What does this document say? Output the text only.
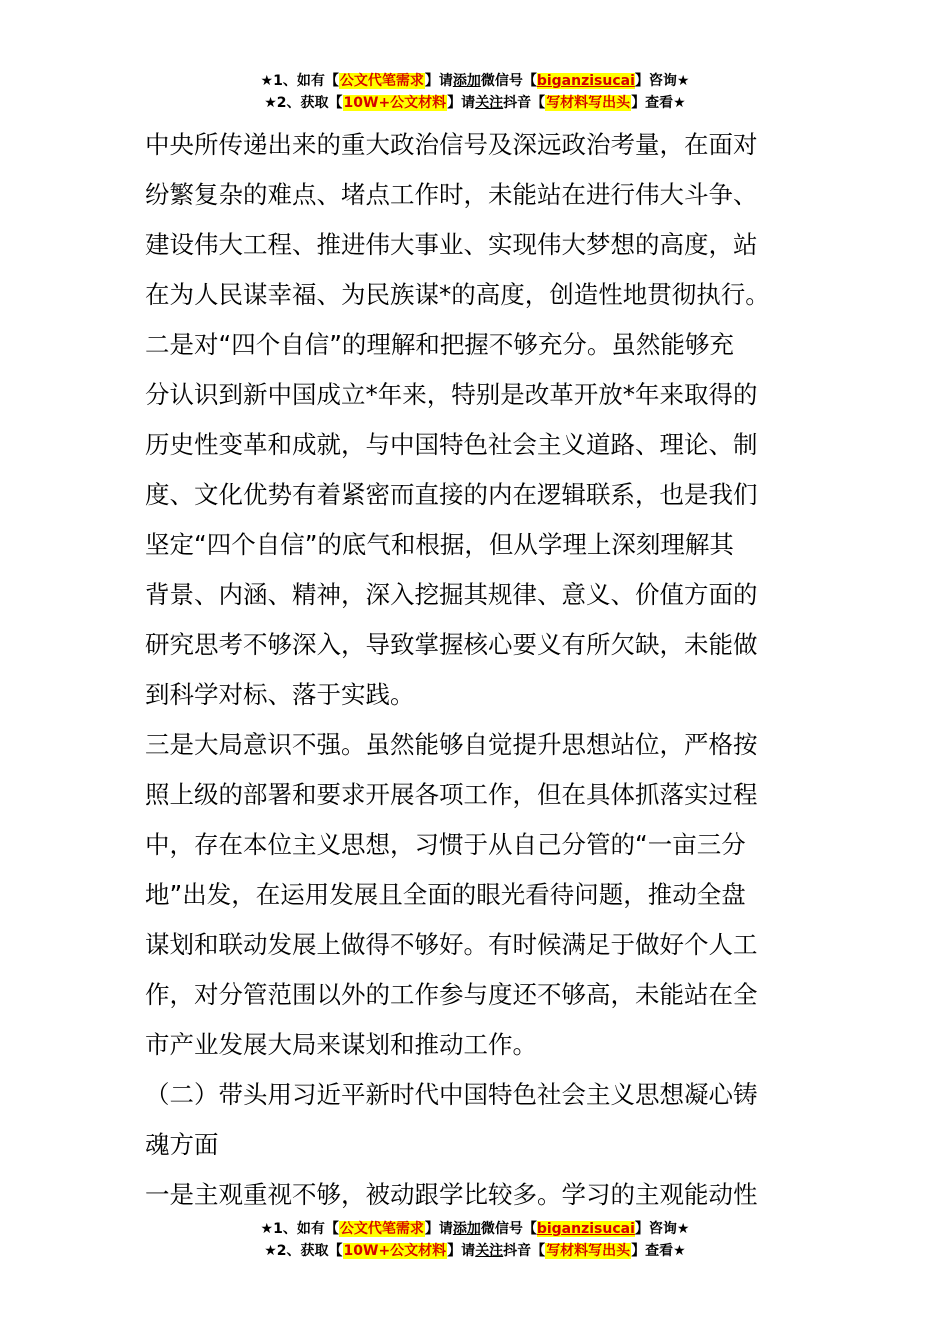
★1、如有【公文代笔需求】请添加微信号【biganzisucai】咨询★
★2、获取【10W+公文材料】请关注抖音【写材料写出头】查看★
中央所传递出来的重大政治信号及深远政治考量，在面对
纷繁复杂的难点、堵点工作时，未能站在进行伟大斗争、
建设伟大工程、推进伟大事业、实现伟大梦想的高度，站
在为人民谋幸福、为民族谋*的高度，创造性地贯彻执行。
二是对“四个自信”的理解和把握不够充分。虽然能够充
分认识到新中国成立*年来，特别是改革开放*年来取得的
历史性变革和成就，与中国特色社会主义道路、理论、制
度、文化优势有着紧密而直接的内在逻辑联系，也是我们
坚定“四个自信”的底气和根据，但从学理上深刻理解其
背景、内涵、精神，深入挖掘其规律、意义、价值方面的
研究思考不够深入，导致掌握核心要义有所欠缺，未能做
到科学对标、落于实践。
三是大局意识不强。虽然能够自觉提升思想站位，严格按
照上级的部署和要求开展各项工作，但在具体抓落实过程
中，存在本位主义思想，习惯于从自己分管的“一亩三分
地”出发，在运用发展且全面的眼光看待问题，推动全盘
谋划和联动发展上做得不够好。有时候满足于做好个人工
作，对分管范围以外的工作参与度还不够高，未能站在全
市产业发展大局来谋划和推动工作。
（二）带头用习近平新时代中国特色社会主义思想凝心铸
魂方面
一是主观重视不够，被动跟学比较多。学习的主观能动性
★1、如有【公文代笔需求】请添加微信号【biganzisucai】咨询★
★2、获取【10W+公文材料】请关注抖音【写材料写出头】查看★
